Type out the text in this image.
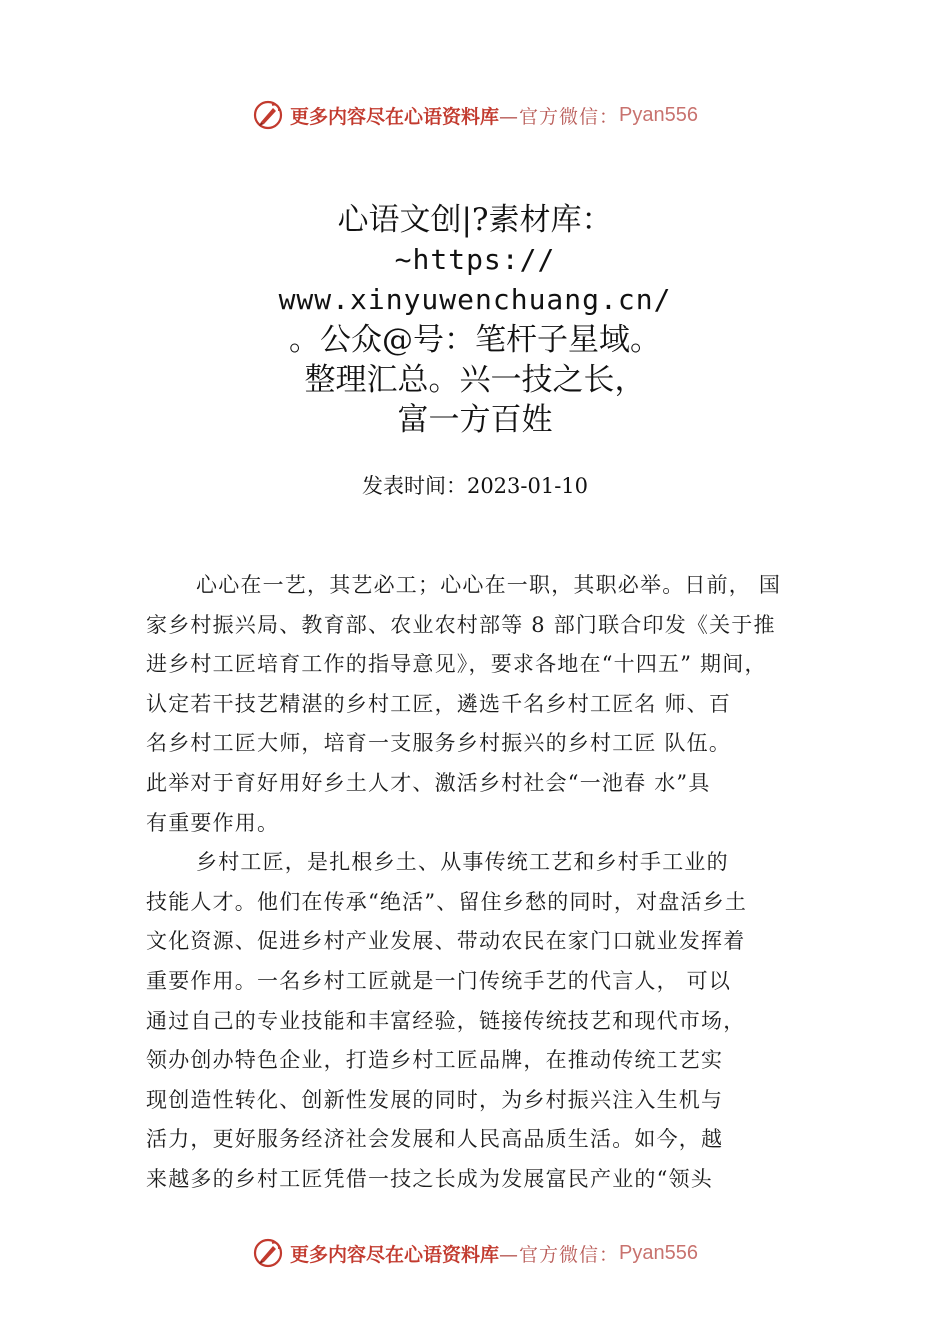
更多内容尽在心语资料库 —官方微信： Pyan556
心语文创|?素材库：
~https://
www.xinyuwenchuang.cn/
。公众@号：笔杆子星域。
整理汇总。兴一技之长，
富一方百姓
发表时间：2023-01-10
心心在一艺，其艺必工；心心在一职，其职必举。日前， 国
家乡村振兴局、教育部、农业农村部等 8 部门联合印发《关于推
进乡村工匠培育工作的指导意见》，要求各地在“十四五” 期间，
认定若干技艺精湛的乡村工匠，遴选千名乡村工匠名 师、百
名乡村工匠大师，培育一支服务乡村振兴的乡村工匠 队伍。
此举对于育好用好乡土人才、激活乡村社会“一池春 水”具
有重要作用。
乡村工匠，是扎根乡土、从事传统工艺和乡村手工业的
技能人才。他们在传承“绝活”、留住乡愁的同时，对盘活乡土
文化资源、促进乡村产业发展、带动农民在家门口就业发挥着
重要作用。一名乡村工匠就是一门传统手艺的代言人， 可以
通过自己的专业技能和丰富经验，链接传统技艺和现代市场，
领办创办特色企业，打造乡村工匠品牌，在推动传统工艺实
现创造性转化、创新性发展的同时，为乡村振兴注入生机与
活力，更好服务经济社会发展和人民高品质生活。如今，越
来越多的乡村工匠凭借一技之长成为发展富民产业的“领头
更多内容尽在心语资料库 —官方微信： Pyan556
